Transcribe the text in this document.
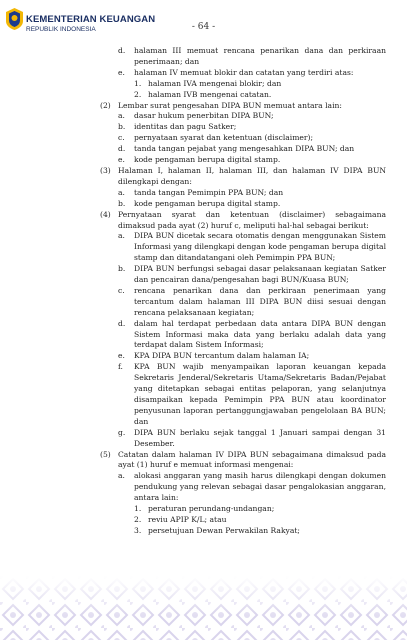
KEMENTERIAN KEUANGAN
REPUBLIK INDONESIA	- 64 -
d. halaman III memuat rencana penarikan dana dan perkiraan penerimaan; dan
e. halaman IV memuat blokir dan catatan yang terdiri atas:
1. halaman IVA mengenai blokir; dan
2. halaman IVB mengenai catatan.
(2) Lembar surat pengesahan DIPA BUN memuat antara lain:
a. dasar hukum penerbitan DIPA BUN;
b. identitas dan pagu Satker;
c. pernyataan syarat dan ketentuan (disclaimer);
d. tanda tangan pejabat yang mengesahkan DIPA BUN; dan
e. kode pengaman berupa digital stamp.
(3) Halaman I, halaman II, halaman III, dan halaman IV DIPA BUN dilengkapi dengan:
a. tanda tangan Pemimpin PPA BUN; dan
b. kode pengaman berupa digital stamp.
(4) Pernyataan syarat dan ketentuan (disclaimer) sebagaimana dimaksud pada ayat (2) huruf c, meliputi hal-hal sebagai berikut:
a. DIPA BUN dicetak secara otomatis dengan menggunakan Sistem Informasi yang dilengkapi dengan kode pengaman berupa digital stamp dan ditandatangani oleh Pemimpin PPA BUN;
b. DIPA BUN berfungsi sebagai dasar pelaksanaan kegiatan Satker dan pencairan dana/pengesahan bagi BUN/Kuasa BUN;
c. rencana penarikan dana dan perkiraan penerimaan yang tercantum dalam halaman III DIPA BUN diisi sesuai dengan rencana pelaksanaan kegiatan;
d. dalam hal terdapat perbedaan data antara DIPA BUN dengan Sistem Informasi maka data yang berlaku adalah data yang terdapat dalam Sistem Informasi;
e. KPA DIPA BUN tercantum dalam halaman IA;
f. KPA BUN wajib menyampaikan laporan keuangan kepada Sekretaris Jenderal/Sekretaris Utama/Sekretaris Badan/Pejabat yang ditetapkan sebagai entitas pelaporan, yang selanjutnya disampaikan kepada Pemimpin PPA BUN atau koordinator penyusunan laporan pertanggungjawaban pengelolaan BA BUN; dan
g. DIPA BUN berlaku sejak tanggal 1 Januari sampai dengan 31 Desember.
(5) Catatan dalam halaman IV DIPA BUN sebagaimana dimaksud pada ayat (1) huruf e memuat informasi mengenai:
a. alokasi anggaran yang masih harus dilengkapi dengan dokumen pendukung yang relevan sebagai dasar pengalokasian anggaran, antara lain:
1. peraturan perundang-undangan;
2. reviu APIP K/L; atau
3. persetujuan Dewan Perwakilan Rakyat;
